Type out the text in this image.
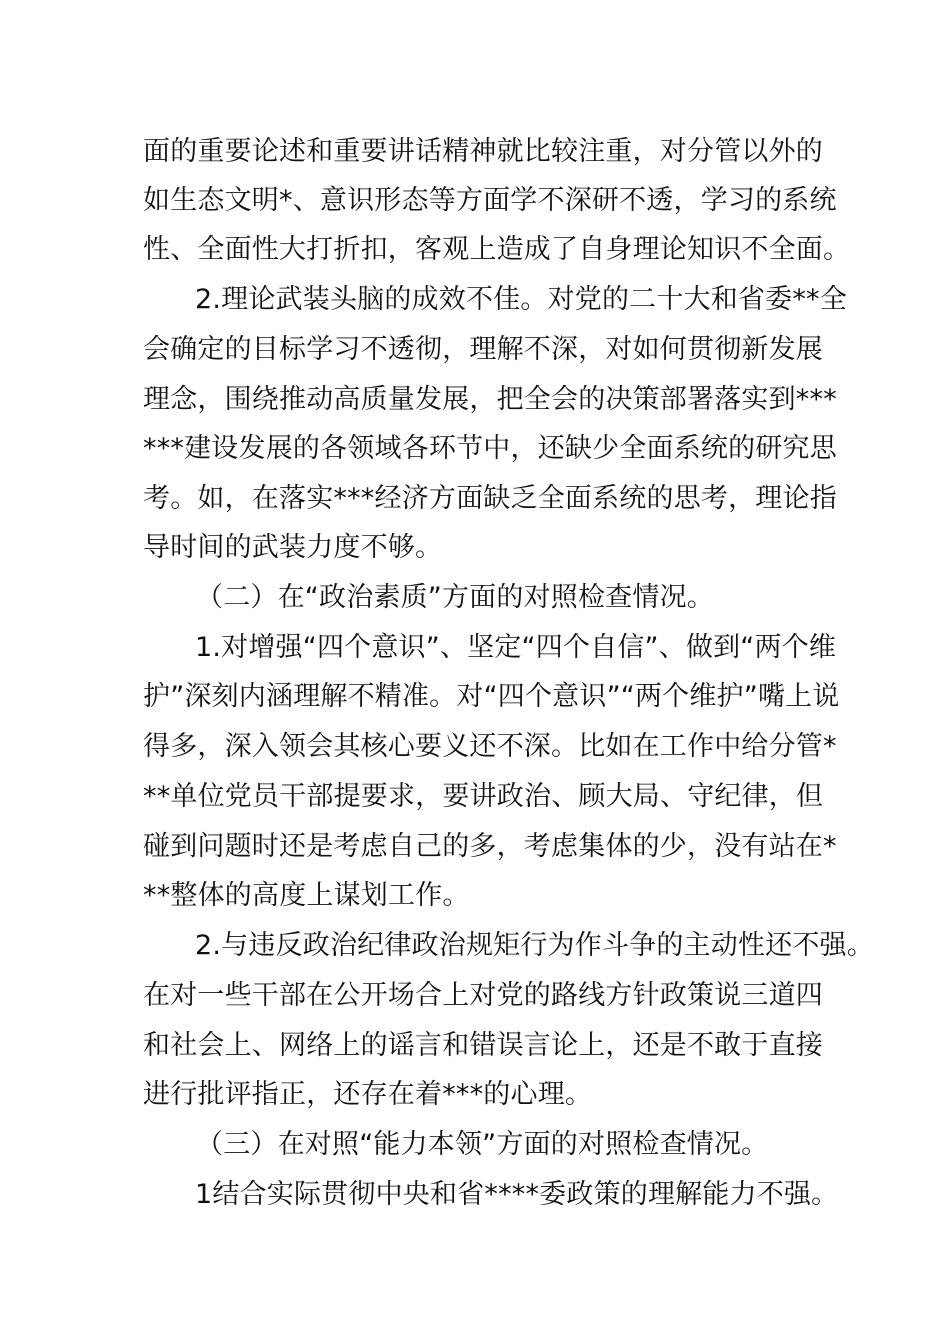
面的重要论述和重要讲话精神就比较注重，对分管以外的
如生态文明*、意识形态等方面学不深研不透，学习的系统
性、全面性大打折扣，客观上造成了自身理论知识不全面。
2.理论武装头脑的成效不佳。对党的二十大和省委**全
会确定的目标学习不透彻，理解不深，对如何贯彻新发展
理念，围绕推动高质量发展，把全会的决策部署落实到***
***建设发展的各领域各环节中，还缺少全面系统的研究思
考。如，在落实***经济方面缺乏全面系统的思考，理论指
导时间的武装力度不够。
（二）在“政治素质”方面的对照检查情况。
1.对增强“四个意识”、坚定“四个自信”、做到“两个维
护”深刻内涵理解不精准。对“四个意识”“两个维护”嘴上说
得多，深入领会其核心要义还不深。比如在工作中给分管*
**单位党员干部提要求，要讲政治、顾大局、守纪律，但
碰到问题时还是考虑自己的多，考虑集体的少，没有站在*
**整体的高度上谋划工作。
2.与违反政治纪律政治规矩行为作斗争的主动性还不强。
在对一些干部在公开场合上对党的路线方针政策说三道四
和社会上、网络上的谣言和错误言论上，还是不敢于直接
进行批评指正，还存在着***的心理。
（三）在对照“能力本领”方面的对照检查情况。
1结合实际贯彻中央和省****委政策的理解能力不强。
